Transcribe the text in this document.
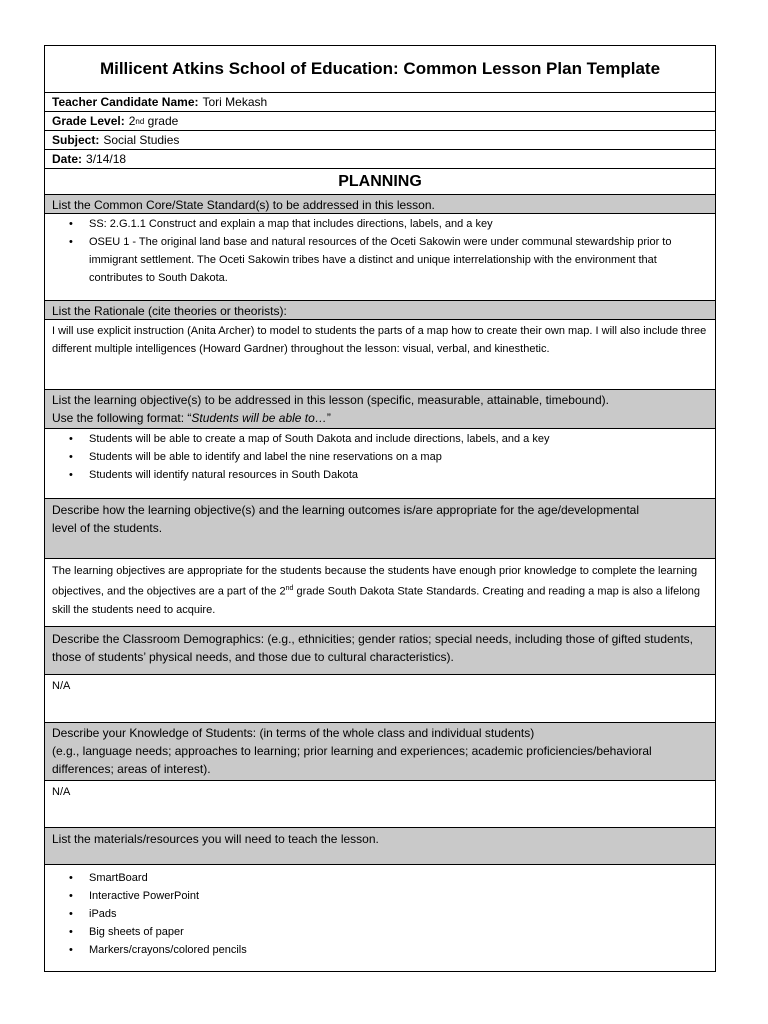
Millicent Atkins School of Education: Common Lesson Plan Template
Teacher Candidate Name: Tori Mekash
Grade Level: 2 nd
grade
Subject: Social Studies
Date: 3/14/18
PLANNING
List the Common Core/State Standard(s) to be addressed in this lesson.
• SS: 2.G.1.1 Construct and explain a map that includes directions, labels, and a key
• OSEU 1 - The original land base and natural resources of the Oceti Sakowin were under communal stewardship prior to immigrant settlement. The Oceti Sakowin tribes have a distinct and unique interrelationship with the environment that contributes to South Dakota.
List the Rationale (cite theories or theorists):
I will use explicit instruction (Anita Archer) to model to students the parts of a map how to create their own map. I will also include three different multiple intelligences (Howard Gardner) throughout the lesson: visual, verbal, and kinesthetic.
List the learning objective(s) to be addressed in this lesson (specific, measurable, attainable, timebound).
Use the following format: “Students will be able to…”
• Students will be able to create a map of South Dakota and include directions, labels, and a key
• Students will be able to identify and label the nine reservations on a map
• Students will identify natural resources in South Dakota
Describe how the learning objective(s) and the learning outcomes is/are appropriate for the age/developmental level of the students.
The learning objectives are appropriate for the students because the students have enough prior knowledge to complete the learning objectives, and the objectives are a part of the 2nd grade South Dakota State Standards. Creating and reading a map is also a lifelong skill the students need to acquire.
Describe the Classroom Demographics: (e.g., ethnicities; gender ratios; special needs, including those of gifted students, those of students’ physical needs, and those due to cultural characteristics).
N/A
Describe your Knowledge of Students: (in terms of the whole class and individual students)
(e.g., language needs; approaches to learning; prior learning and experiences; academic proficiencies/behavioral differences; areas of interest).
N/A
List the materials/resources you will need to teach the lesson.
• SmartBoard
• Interactive PowerPoint
• iPads
• Big sheets of paper
• Markers/crayons/colored pencils
